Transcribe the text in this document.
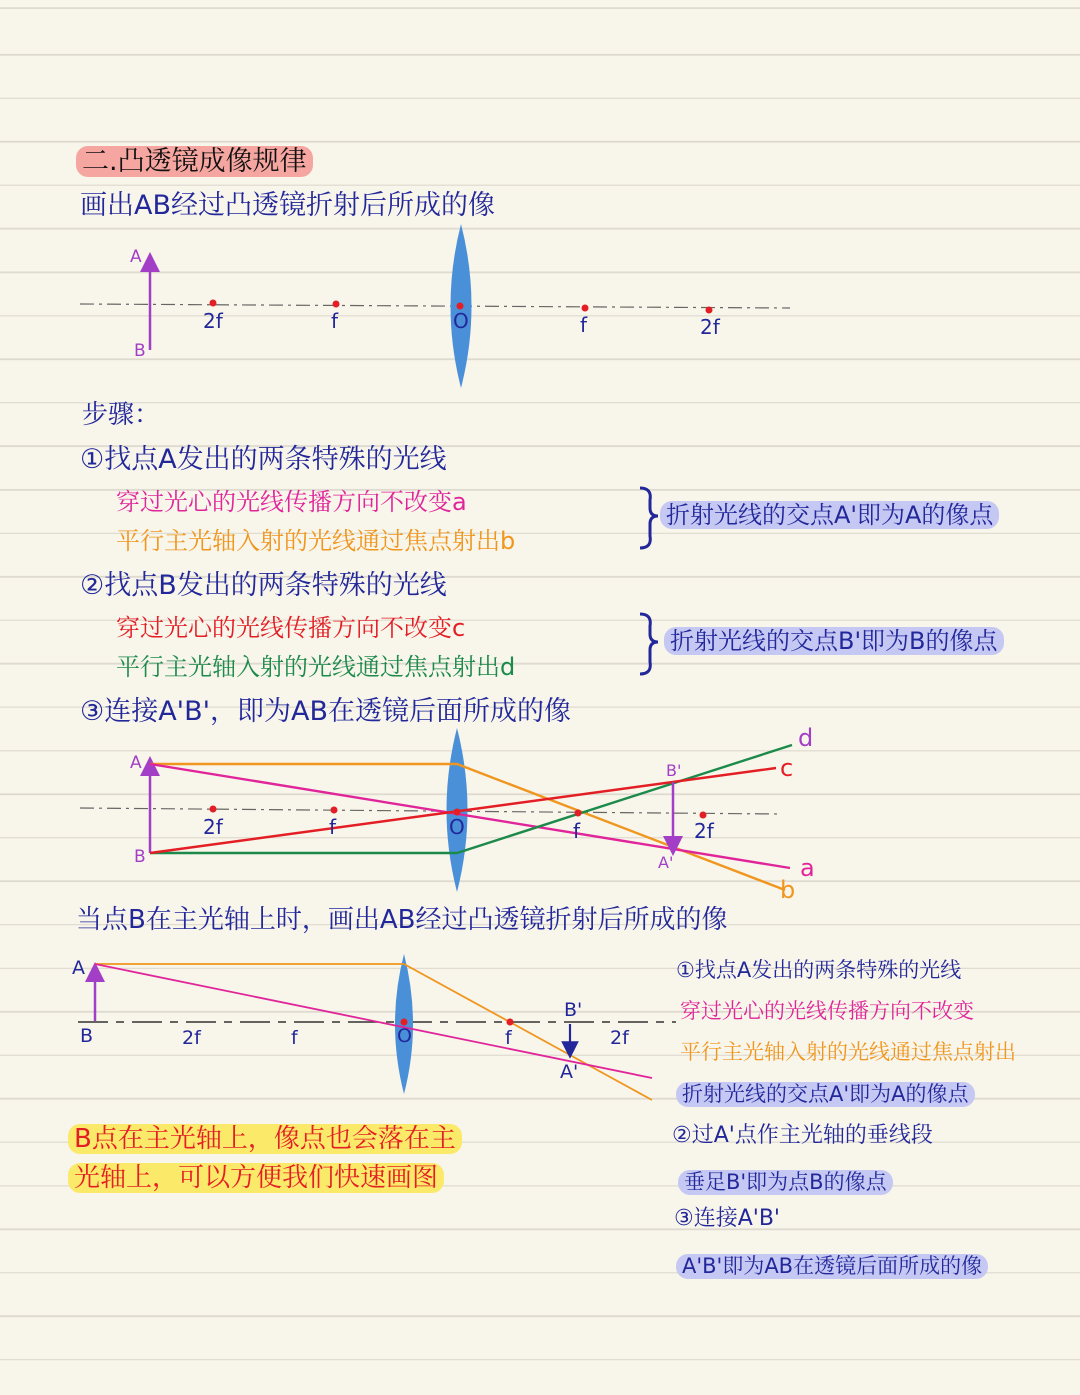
二.凸透镜成像规律
画出AB经过凸透镜折射后所成的像
步骤：
①找点A发出的两条特殊的光线
穿过光心的光线传播方向不改变a
平行主光轴入射的光线通过焦点射出b
折射光线的交点A'即为A的像点
②找点B发出的两条特殊的光线
穿过光心的光线传播方向不改变c
平行主光轴入射的光线通过焦点射出d
折射光线的交点B'即为B的像点
③连接A'B'，即为AB在透镜后面所成的像
当点B在主光轴上时，画出AB经过凸透镜折射后所成的像
①找点A发出的两条特殊的光线
穿过光心的光线传播方向不改变
平行主光轴入射的光线通过焦点射出
折射光线的交点A'即为A的像点
②过A'点作主光轴的垂线段
垂足B'即为点B的像点
③连接A'B'
A'B'即为AB在透镜后面所成的像
B点在主光轴上，像点也会落在主
光轴上，可以方便我们快速画图
A
B
2f	f	O	f	2f
A
B
B'
A'
2f	f	O	f	2f
d
c
a
b
A
B
B'
A'
2f	f	O	f	2f
